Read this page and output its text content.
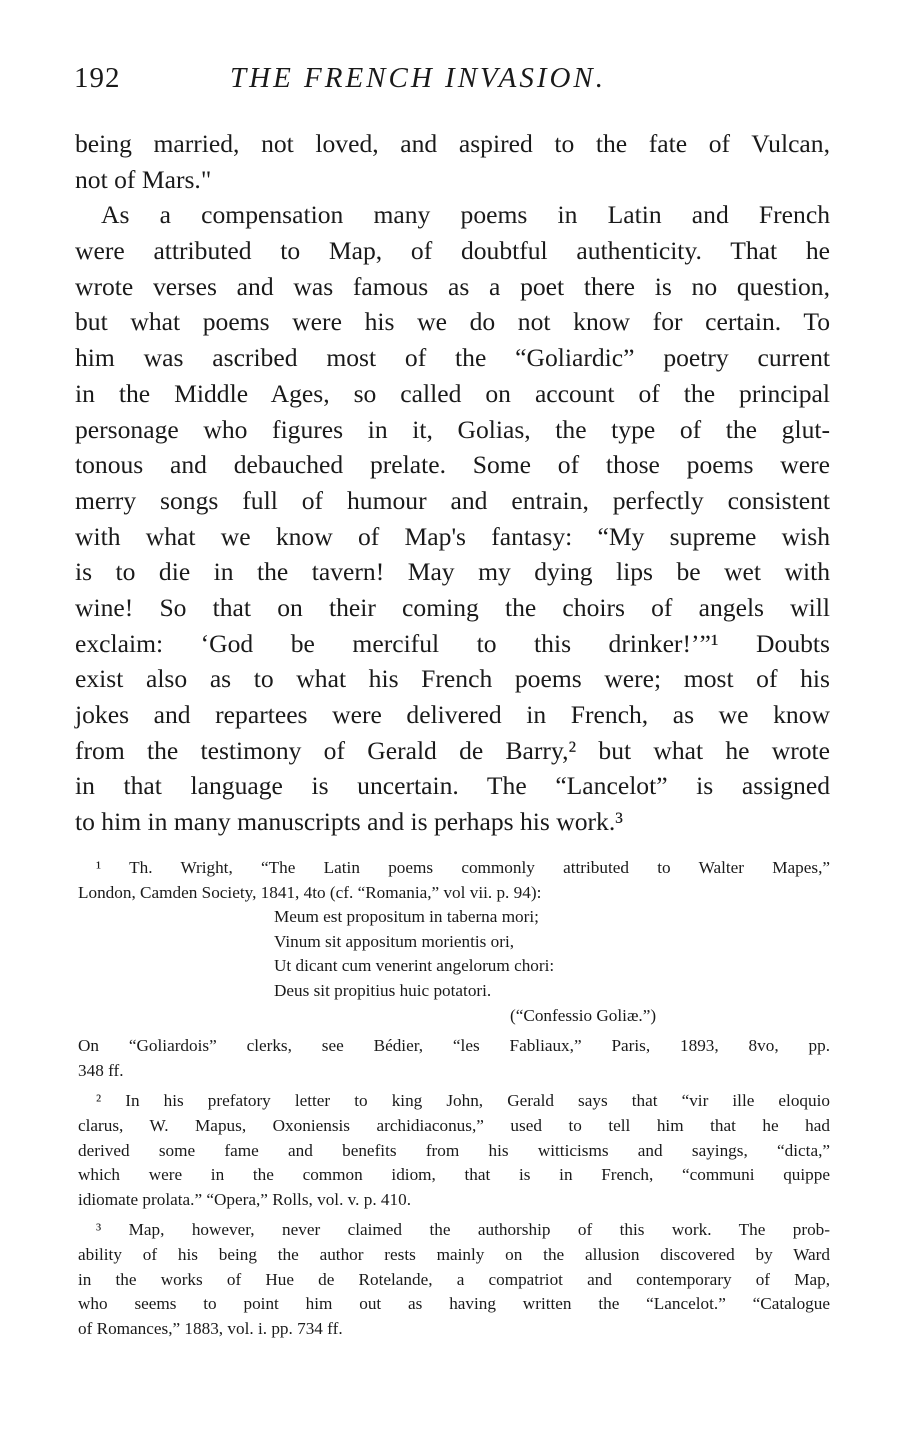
192	THE FRENCH INVASION.
being married, not loved, and aspired to the fate of Vulcan,
not of Mars."
As a compensation many poems in Latin and French
were attributed to Map, of doubtful authenticity. That he
wrote verses and was famous as a poet there is no question,
but what poems were his we do not know for certain. To
him was ascribed most of the “Goliardic” poetry current
in the Middle Ages, so called on account of the principal
personage who figures in it, Golias, the type of the glut-
tonous and debauched prelate. Some of those poems were
merry songs full of humour and entrain, perfectly consistent
with what we know of Map's fantasy: “My supreme wish
is to die in the tavern! May my dying lips be wet with
wine! So that on their coming the choirs of angels will
exclaim: ‘God be merciful to this drinker!’”¹ Doubts
exist also as to what his French poems were; most of his
jokes and repartees were delivered in French, as we know
from the testimony of Gerald de Barry,² but what he wrote
in that language is uncertain. The “Lancelot” is assigned
to him in many manuscripts and is perhaps his work.³
¹ Th. Wright, “The Latin poems commonly attributed to Walter Mapes,”
London, Camden Society, 1841, 4to (cf. “Romania,” vol vii. p. 94):
Meum est propositum in taberna mori;
Vinum sit appositum morientis ori,
Ut dicant cum venerint angelorum chori:
Deus sit propitius huic potatori.
(“Confessio Goliæ.”)
On “Goliardois” clerks, see Bédier, “les Fabliaux,” Paris, 1893, 8vo, pp.
348 ff.
² In his prefatory letter to king John, Gerald says that “vir ille eloquio
clarus, W. Mapus, Oxoniensis archidiaconus,” used to tell him that he had
derived some fame and benefits from his witticisms and sayings, “dicta,”
which were in the common idiom, that is in French, “communi quippe
idiomate prolata.” “Opera,” Rolls, vol. v. p. 410.
³ Map, however, never claimed the authorship of this work. The prob-
ability of his being the author rests mainly on the allusion discovered by Ward
in the works of Hue de Rotelande, a compatriot and contemporary of Map,
who seems to point him out as having written the “Lancelot.” “Catalogue
of Romances,” 1883, vol. i. pp. 734 ff.
